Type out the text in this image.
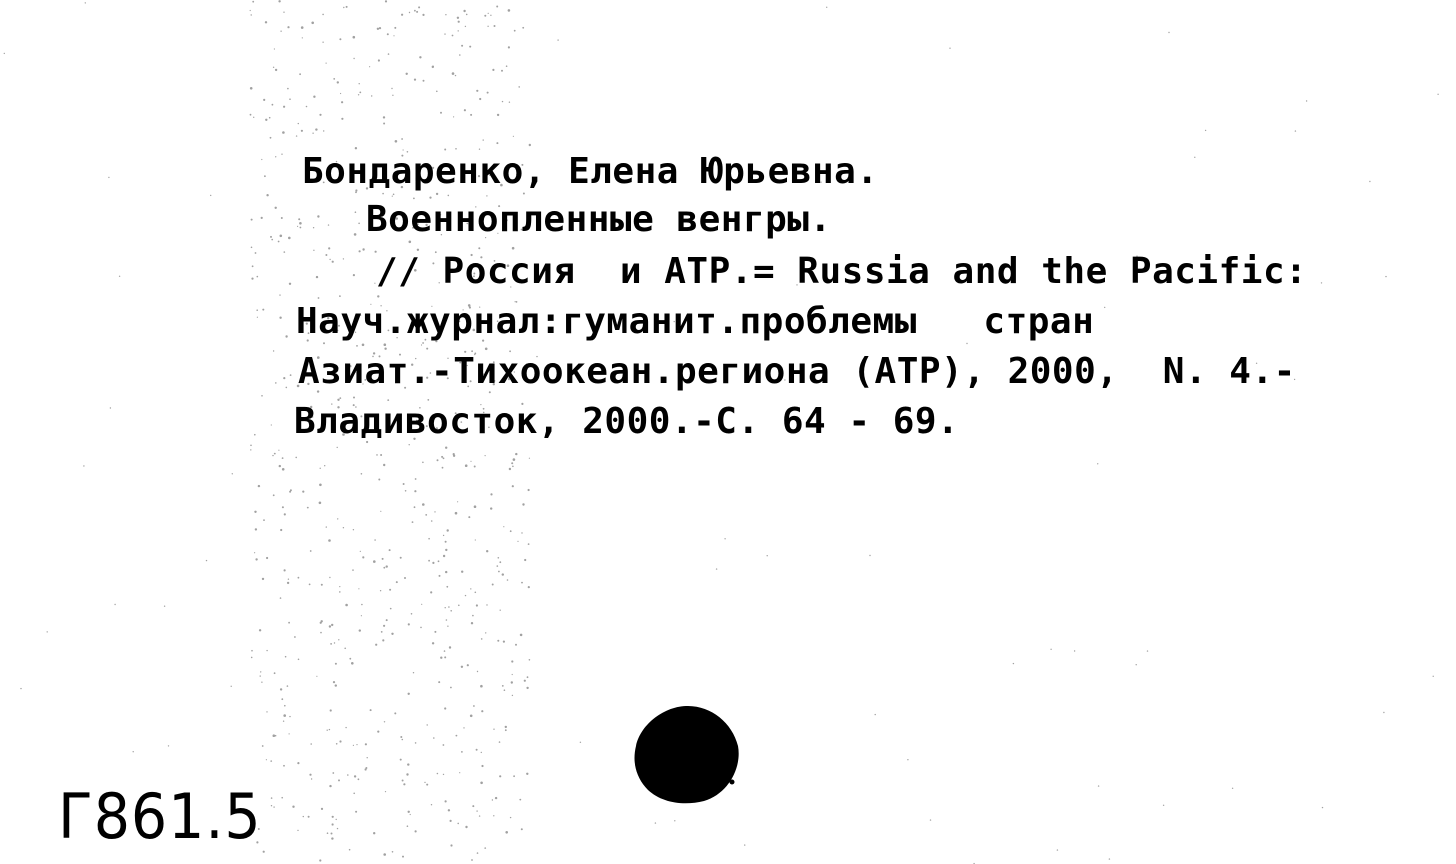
Бондаренко, Елена Юрьевна.
Военнопленные венгры.
// Россия  и АТР.= Russia and the Pacific:
Науч.журнал:гуманит.проблемы   стран
Азиат.-Тихоокеан.региона (АТР), 2000,  N. 4.-
Владивосток, 2000.-С. 64 - 69.
Г861.5
